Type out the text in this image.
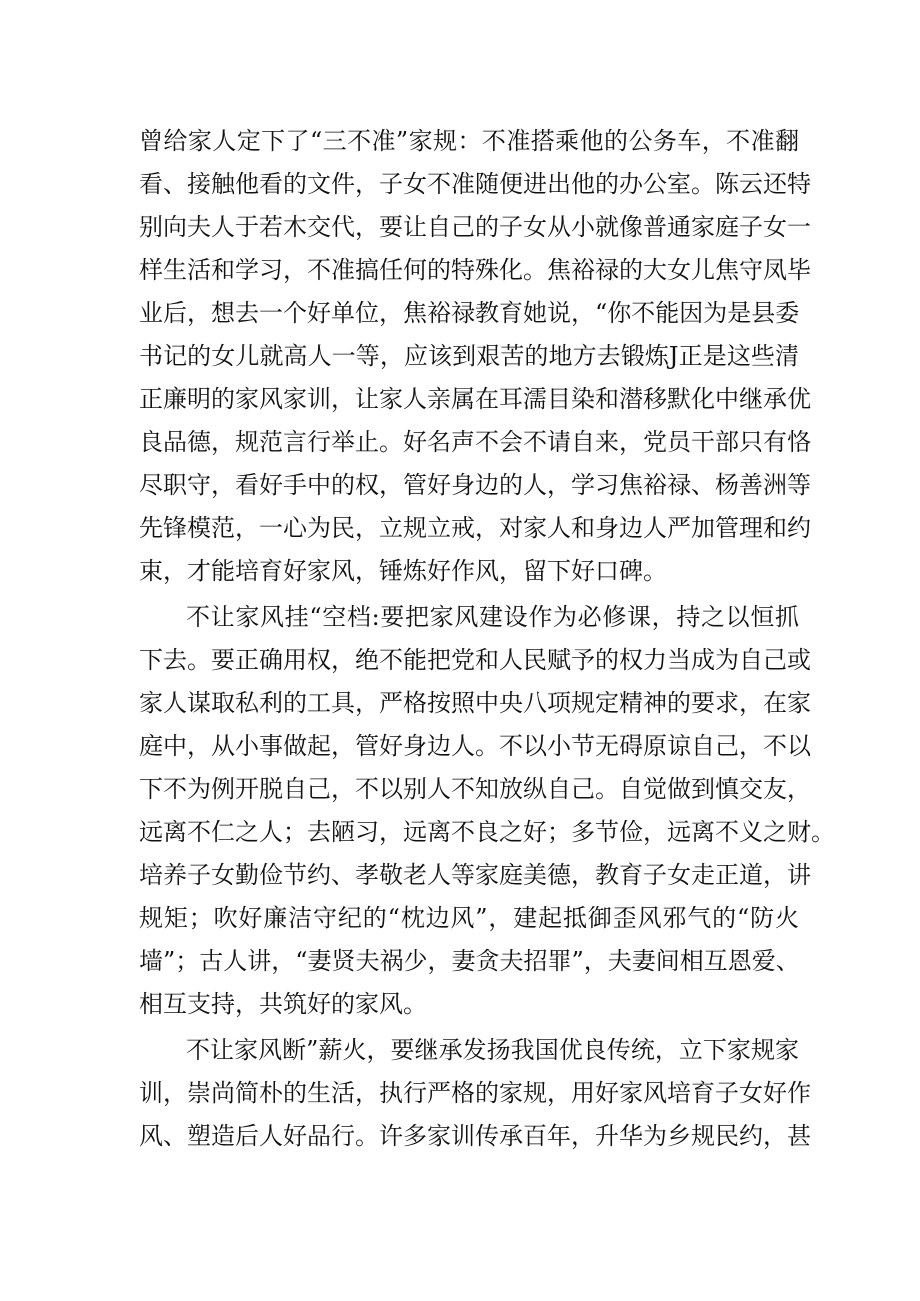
曾给家人定下了“三不准”家规：不准搭乘他的公务车，不准翻

看、接触他看的文件，子女不准随便进出他的办公室。陈云还特

别向夫人于若木交代，要让自己的子女从小就像普通家庭子女一

样生活和学习，不准搞任何的特殊化。焦裕禄的大女儿焦守凤毕

业后，想去一个好单位，焦裕禄教育她说，“你不能因为是县委

书记的女儿就高人一等，应该到艰苦的地方去锻炼J正是这些清

正廉明的家风家训，让家人亲属在耳濡目染和潜移默化中继承优

良品德，规范言行举止。好名声不会不请自来，党员干部只有恪

尽职守，看好手中的权，管好身边的人，学习焦裕禄、杨善洲等

先锋模范，一心为民，立规立戒，对家人和身边人严加管理和约

束，才能培育好家风，锤炼好作风，留下好口碑。

不让家风挂“空档:要把家风建设作为必修课，持之以恒抓

下去。要正确用权，绝不能把党和人民赋予的权力当成为自己或

家人谋取私利的工具，严格按照中央八项规定精神的要求，在家

庭中，从小事做起，管好身边人。不以小节无碍原谅自己，不以

下不为例开脱自己，不以别人不知放纵自己。自觉做到慎交友，

远离不仁之人；去陋习，远离不良之好；多节俭，远离不义之财。

培养子女勤俭节约、孝敬老人等家庭美德，教育子女走正道，讲

规矩；吹好廉洁守纪的“枕边风”，建起抵御歪风邪气的“防火

墙”；古人讲，“妻贤夫祸少，妻贪夫招罪”，夫妻间相互恩爱、

相互支持，共筑好的家风。

不让家风断”薪火，要继承发扬我国优良传统，立下家规家

训，崇尚简朴的生活，执行严格的家规，用好家风培育子女好作

风、塑造后人好品行。许多家训传承百年，升华为乡规民约，甚
